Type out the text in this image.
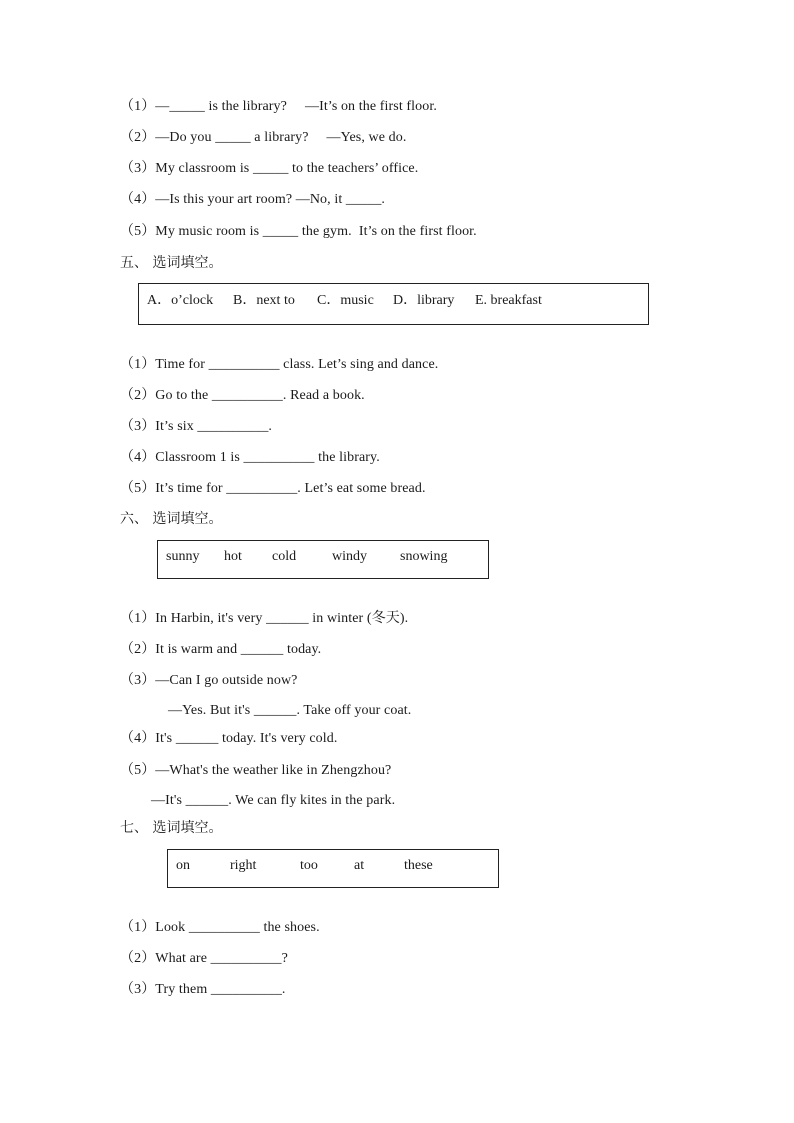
（1）—_____ is the library?     —It’s on the first floor.
（2）—Do you _____ a library?     —Yes, we do.
（3）My classroom is _____ to the teachers’ office.
（4）—Is this your art room? —No, it _____.
（5）My music room is _____ the gym.  It’s on the first floor.
五、 选词填空。
A．o’clock B．next to C．music D．library E. breakfast
（1）Time for __________ class. Let’s sing and dance.
（2）Go to the __________. Read a book.
（3）It’s six __________.
（4）Classroom 1 is __________ the library.
（5）It’s time for __________. Let’s eat some bread.
六、 选词填空。
sunny hot cold	windy snowing
（1）In Harbin, it's very ______ in winter (冬天).
（2）It is warm and ______ today.
（3）—Can I go outside now?
—Yes. But it's ______. Take off your coat.
（4）It's ______ today. It's very cold.
（5）—What's the weather like in Zhengzhou?
—It's ______. We can fly kites in the park.
七、 选词填空。
on	right	too	at	these
（1）Look __________ the shoes.
（2）What are __________?
（3）Try them __________.
